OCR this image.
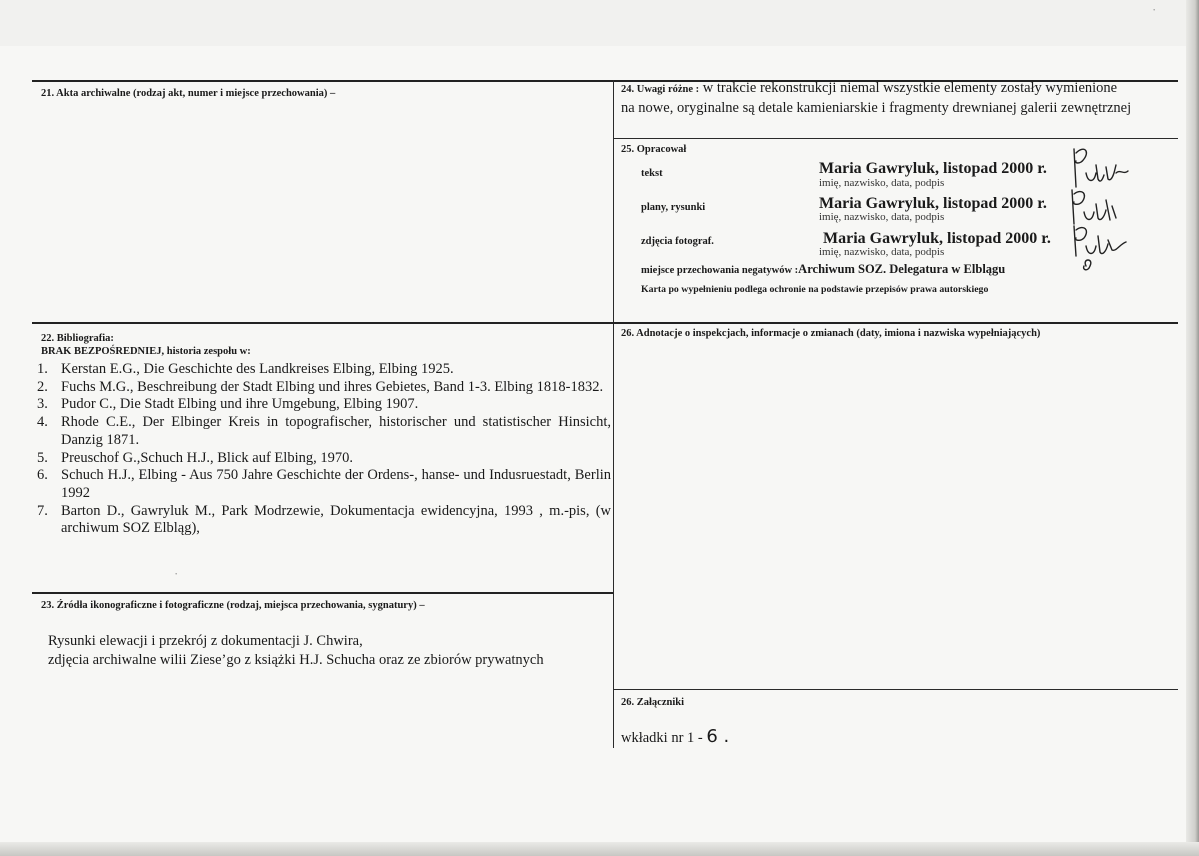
21. Akta archiwalne (rodzaj akt, numer i miejsce przechowania) –	24. Uwagi różne : w trakcie rekonstrukcji niemal wszystkie elementy zostały wymienione
na nowe, oryginalne są detale kamieniarskie i fragmenty drewnianej galerii zewnętrznej
25. Opracował
tekst	Maria Gawryluk, listopad 2000 r.
imię, nazwisko, data, podpis
plany, rysunki	Maria Gawryluk, listopad 2000 r.
imię, nazwisko, data, podpis
zdjęcia fotograf.	Maria Gawryluk, listopad 2000 r.
imię, nazwisko, data, podpis
miejsce przechowania negatywów :Archiwum SOZ. Delegatura w Elblągu
Karta po wypełnieniu podlega ochronie na podstawie przepisów prawa autorskiego
22. Bibliografia:
BRAK BEZPOŚREDNIEJ, historia zespołu w:
1. Kerstan E.G., Die Geschichte des Landkreises Elbing, Elbing 1925.
2. Fuchs M.G., Beschreibung der Stadt Elbing und ihres Gebietes, Band 1-3. Elbing 1818-1832.
3. Pudor C., Die Stadt Elbing und ihre Umgebung, Elbing 1907.
4. Rhode C.E., Der Elbinger Kreis in topografischer, historischer und statistischer Hinsicht, Danzig 1871.
5. Preuschof G.,Schuch H.J., Blick auf Elbing, 1970.
6. Schuch H.J., Elbing - Aus 750 Jahre Geschichte der Ordens-, hanse- und Indusruestadt, Berlin 1992
7. Barton D., Gawryluk M., Park Modrzewie, Dokumentacja ewidencyjna, 1993 , m.-pis, (w archiwum SOZ Elbląg),
26. Adnotacje o inspekcjach, informacje o zmianach (daty, imiona i nazwiska wypełniających)
23. Źródła ikonograficzne i fotograficzne (rodzaj, miejsca przechowania, sygnatury) –
Rysunki elewacji i przekrój z dokumentacji J. Chwira,
zdjęcia archiwalne wilii Ziese’go z książki H.J. Schucha oraz ze zbiorów prywatnych
26. Załączniki
wkładki nr 1 - 6 .
·
·
